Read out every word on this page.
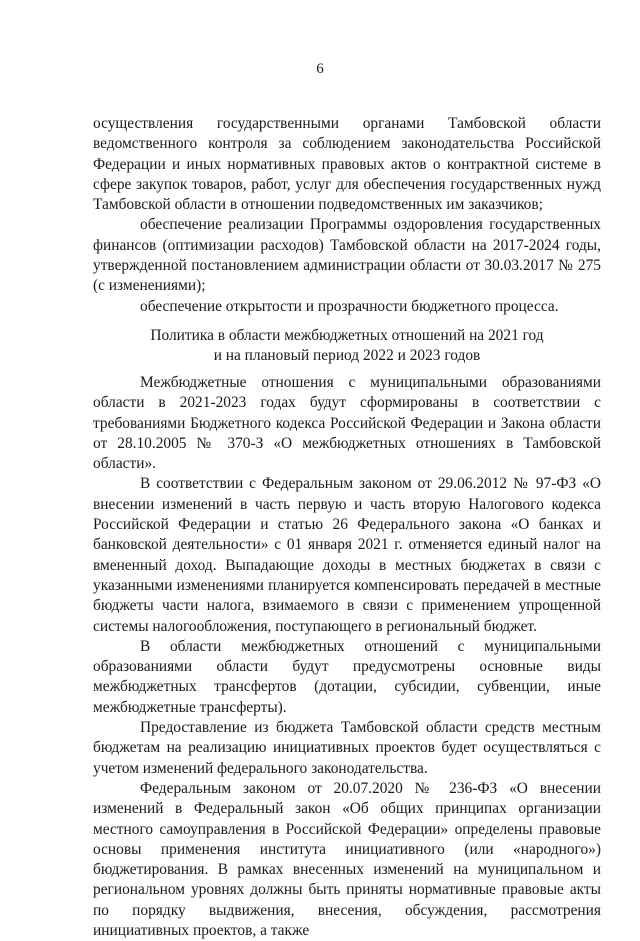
6

осуществления государственными органами Тамбовской области ведомственного контроля за соблюдением законодательства Российской Федерации и иных нормативных правовых актов о контрактной системе в сфере закупок товаров, работ, услуг для обеспечения государственных нужд Тамбовской области в отношении подведомственных им заказчиков;

обеспечение реализации Программы оздоровления государственных финансов (оптимизации расходов) Тамбовской области на 2017-2024 годы, утвержденной постановлением администрации области от 30.03.2017 № 275 (с изменениями);

обеспечение открытости и прозрачности бюджетного процесса.

Политика в области межбюджетных отношений на 2021 год

и на плановый период 2022 и 2023 годов

Межбюджетные отношения с муниципальными образованиями области в 2021-2023 годах будут сформированы в соответствии с требованиями Бюджетного кодекса Российской Федерации и Закона области от 28.10.2005 № 370-З «О межбюджетных отношениях в Тамбовской области».

В соответствии с Федеральным законом от 29.06.2012 № 97-ФЗ «О внесении изменений в часть первую и часть вторую Налогового кодекса Российской Федерации и статью 26 Федерального закона «О банках и банковской деятельности» с 01 января 2021 г. отменяется единый налог на вмененный доход. Выпадающие доходы в местных бюджетах в связи с указанными изменениями планируется компенсировать передачей в местные бюджеты части налога, взимаемого в связи с применением упрощенной системы налогообложения, поступающего в региональный бюджет.

В области межбюджетных отношений с муниципальными образованиями области будут предусмотрены основные виды межбюджетных трансфертов (дотации, субсидии, субвенции, иные межбюджетные трансферты).

Предоставление из бюджета Тамбовской области средств местным бюджетам на реализацию инициативных проектов будет осуществляться с учетом изменений федерального законодательства.

Федеральным законом от 20.07.2020 № 236-ФЗ «О внесении изменений в Федеральный закон «Об общих принципах организации местного самоуправления в Российской Федерации» определены правовые основы применения института инициативного (или «народного») бюджетирования. В рамках внесенных изменений на муниципальном и региональном уровнях должны быть приняты нормативные правовые акты по порядку выдвижения, внесения, обсуждения, рассмотрения инициативных проектов, а также
